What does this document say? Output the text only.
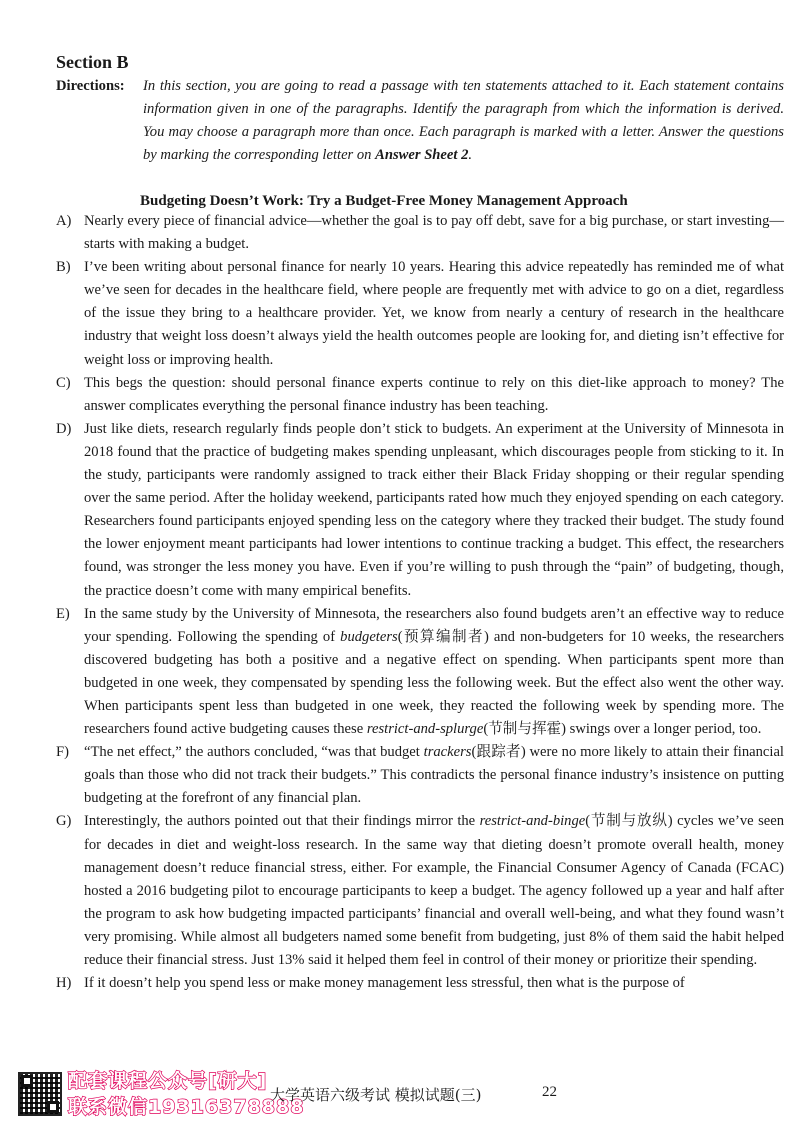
Section B
Directions:	In this section, you are going to read a passage with ten statements attached to it. Each statement contains information given in one of the paragraphs. Identify the paragraph from which the information is derived. You may choose a paragraph more than once. Each paragraph is marked with a letter. Answer the questions by marking the corresponding letter on Answer Sheet 2.
Budgeting Doesn’t Work: Try a Budget-Free Money Management Approach

A) Nearly every piece of financial advice—whether the goal is to pay off debt, save for a big purchase, or start investing—starts with making a budget.

B) I’ve been writing about personal finance for nearly 10 years. Hearing this advice repeatedly has reminded me of what we’ve seen for decades in the healthcare field, where people are frequently met with advice to go on a diet, regardless of the issue they bring to a healthcare provider. Yet, we know from nearly a century of research in the healthcare industry that weight loss doesn’t always yield the health outcomes people are looking for, and dieting isn’t effective for weight loss or improving health.

C) This begs the question: should personal finance experts continue to rely on this diet-like approach to money? The answer complicates everything the personal finance industry has been teaching.

D) Just like diets, research regularly finds people don’t stick to budgets. An experiment at the University of Minnesota in 2018 found that the practice of budgeting makes spending unpleasant, which discourages people from sticking to it. In the study, participants were randomly assigned to track either their Black Friday shopping or their regular spending over the same period. After the holiday weekend, participants rated how much they enjoyed spending on each category. Researchers found participants enjoyed spending less on the category where they tracked their budget. The study found the lower enjoyment meant participants had lower intentions to continue tracking a budget. This effect, the researchers found, was stronger the less money you have. Even if you’re willing to push through the “pain” of budgeting, though, the practice doesn’t come with many empirical benefits.

E) In the same study by the University of Minnesota, the researchers also found budgets aren’t an effective way to reduce your spending. Following the spending of budgeters(预算编制者) and non-budgeters for 10 weeks, the researchers discovered budgeting has both a positive and a negative effect on spending. When participants spent more than budgeted in one week, they compensated by spending less the following week. But the effect also went the other way. When participants spent less than budgeted in one week, they reacted the following week by spending more. The researchers found active budgeting causes these restrict-and-splurge(节制与挥霍) swings over a longer period, too.

F) “The net effect,” the authors concluded, “was that budget trackers(跟踪者) were no more likely to attain their financial goals than those who did not track their budgets.” This contradicts the personal finance industry’s insistence on putting budgeting at the forefront of any financial plan.

G) Interestingly, the authors pointed out that their findings mirror the restrict-and-binge(节制与放纵) cycles we’ve seen for decades in diet and weight-loss research. In the same way that dieting doesn’t promote overall health, money management doesn’t reduce financial stress, either. For example, the Financial Consumer Agency of Canada (FCAC) hosted a 2016 budgeting pilot to encourage participants to keep a budget. The agency followed up a year and half after the program to ask how budgeting impacted participants’ financial and overall well-being, and what they found wasn’t very promising. While almost all budgeters named some benefit from budgeting, just 8% of them said the habit helped reduce their financial stress. Just 13% said it helped them feel in control of their money or prioritize their spending.

H) If it doesn’t help you spend less or make money management less stressful, then what is the purpose of

配套课程公众号[研大]
联系微信19316378888
大学英语六级考试 模拟试题(三)	22
